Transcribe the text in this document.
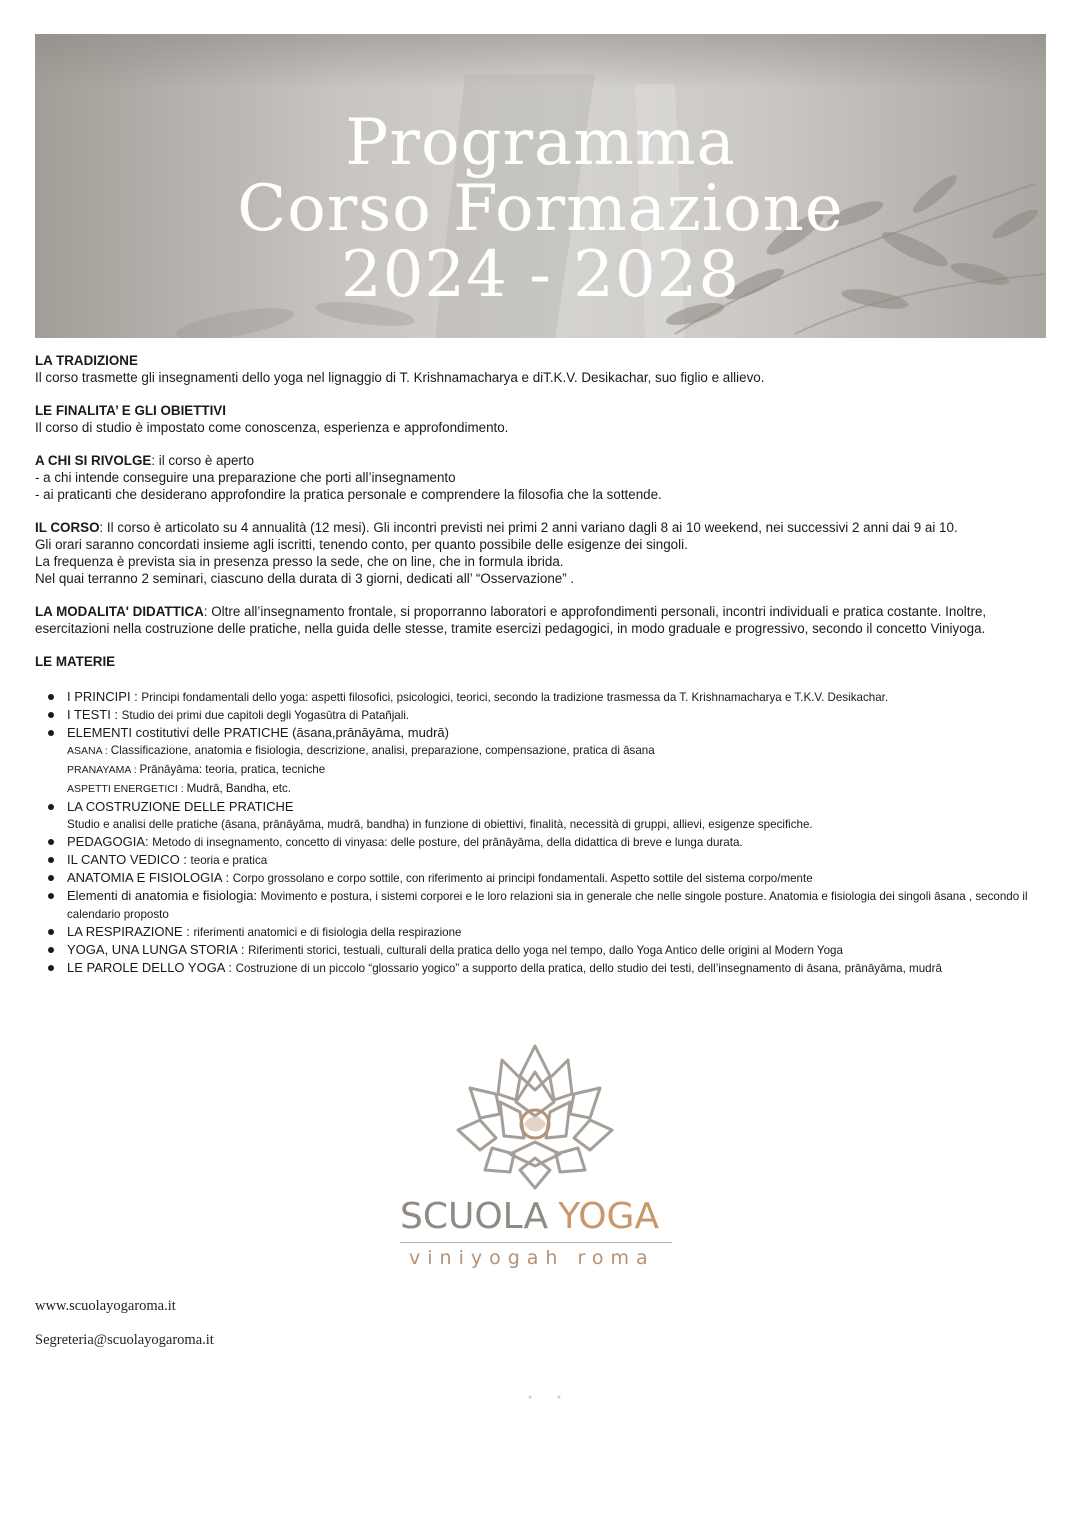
Programma
Corso Formazione
2024 - 2028

LA TRADIZIONE

Il corso trasmette gli insegnamenti dello yoga nel lignaggio di T. Krishnamacharya e diT.K.V. Desikachar, suo figlio e allievo.

LE FINALITA’ E GLI OBIETTIVI

Il corso di studio è impostato come conoscenza, esperienza e approfondimento.

A CHI SI RIVOLGE: il corso è aperto

- a chi intende conseguire una preparazione che porti all’insegnamento

- ai praticanti che desiderano approfondire la pratica personale e comprendere la filosofia che la sottende.

IL CORSO: Il corso è articolato su 4 annualità (12 mesi). Gli incontri previsti nei primi 2 anni variano dagli 8 ai 10 weekend, nei successivi 2 anni dai 9 ai 10.

Gli orari saranno concordati insieme agli iscritti, tenendo conto, per quanto possibile delle esigenze dei singoli.

La frequenza è prevista sia in presenza presso la sede, che on line, che in formula ibrida.

Nel quai terranno 2 seminari, ciascuno della durata di 3 giorni, dedicati all’ “Osservazione” .

LA MODALITA' DIDATTICA: Oltre all’insegnamento frontale, si proporranno laboratori e approfondimenti personali, incontri individuali e pratica costante. Inoltre, esercitazioni nella costruzione delle pratiche, nella guida delle stesse, tramite esercizi pedagogici, in modo graduale e progressivo, secondo il concetto Viniyoga.

LE MATERIE

I PRINCIPI : Principi fondamentali dello yoga: aspetti filosofici, psicologici, teorici, secondo la tradizione trasmessa da T. Krishnamacharya e T.K.V. Desikachar.
I TESTI : Studio dei primi due capitoli degli Yogasūtra di Patañjali.
ELEMENTI costitutivi delle PRATICHE (āsana,prānāyāma, mudrā)
ASANA : Classificazione, anatomia e fisiologia, descrizione, analisi, preparazione, compensazione, pratica di āsana
PRANAYAMA : Prānāyāma: teoria, pratica, tecniche
ASPETTI ENERGETICI : Mudrā, Bandha, etc.
LA COSTRUZIONE DELLE PRATICHE
Studio e analisi delle pratiche (āsana, prānāyāma, mudrā, bandha) in funzione di obiettivi, finalità, necessità di gruppi, allievi, esigenze specifiche.
PEDAGOGIA: Metodo di insegnamento, concetto di vinyasa: delle posture, del prānāyāma, della didattica di breve e lunga durata.
IL CANTO VEDICO : teoria e pratica
ANATOMIA E FISIOLOGIA : Corpo grossolano e corpo sottile, con riferimento ai principi fondamentali. Aspetto sottile del sistema corpo/mente
Elementi di anatomia e fisiologia: Movimento e postura, i sistemi corporei e le loro relazioni sia in generale che nelle singole posture. Anatomia e fisiologia dei singoli āsana , secondo il calendario proposto
LA RESPIRAZIONE : riferimenti anatomici e di fisiologia della respirazione
YOGA, UNA LUNGA STORIA : Riferimenti storici, testuali, culturali della pratica dello yoga nel tempo, dallo Yoga Antico delle origini al Modern Yoga
LE PAROLE DELLO YOGA : Costruzione di un piccolo “glossario yogico” a supporto della pratica, dello studio dei testi, dell’insegnamento di āsana, prānāyāma, mudrā
SCUOLA YOGA
viniyogah roma
www.scuolayogaroma.it
Segreteria@scuolayogaroma.it
